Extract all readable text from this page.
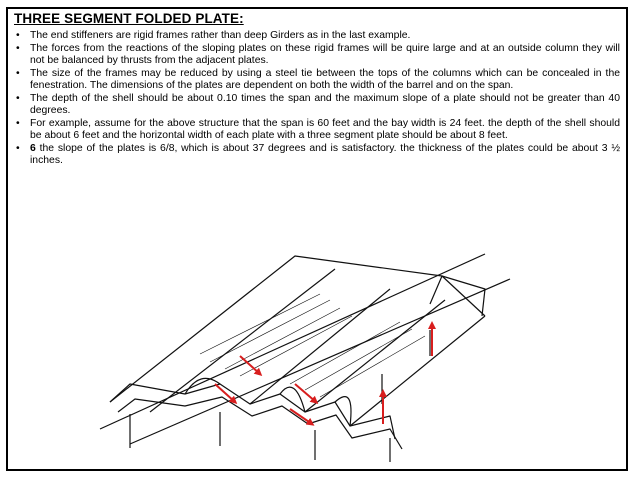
THREE SEGMENT FOLDED PLATE:
• The end stiffeners are rigid frames rather than deep Girders as in the last example.
• The forces from the reactions of the sloping plates on these rigid frames will be quire large and at an outside column they will not be balanced by thrusts from the adjacent plates.
• The size of the frames may be reduced by using a steel tie between the tops of the columns which can be concealed in the fenestration. The dimensions of the plates are dependent on both the width of the barrel and on the span.
• The depth of the shell should be about 0.10 times the span and the maximum slope of a plate should not be greater than 40 degrees.
• For example, assume for the above structure that the span is 60 feet and the bay width is 24 feet. the depth of the shell should be about 6 feet and the horizontal width of each plate with a three segment plate should be about 8 feet.
• 6 the slope of the plates is 6/8, which is about 37 degrees and is satisfactory. the thickness of the plates could be about 3 ½ inches.
